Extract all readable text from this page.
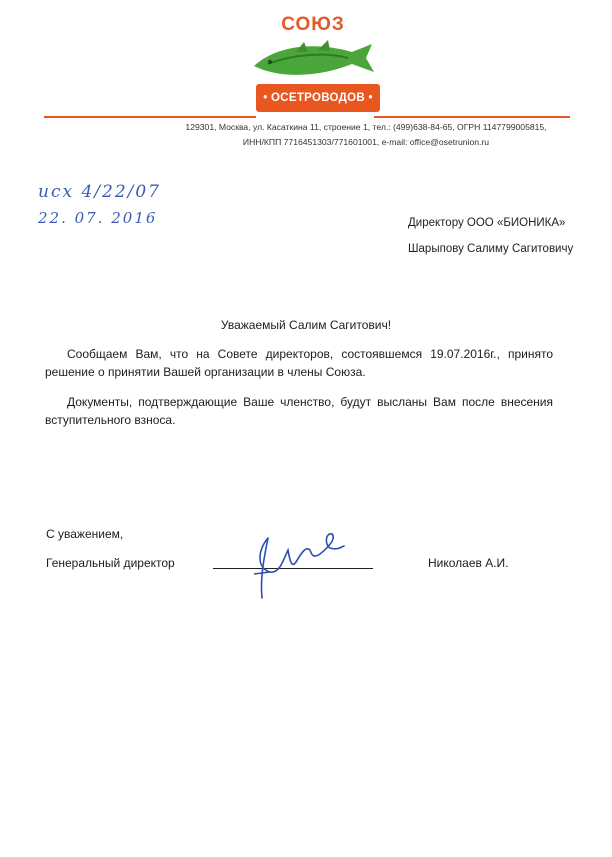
СОЮЗ
• ОСЕТРОВОДОВ •
129301, Москва, ул. Касаткина 11, строение 1, тел.: (499)638-84-65, ОГРН 1147799005815,
ИНН/КПП 7716451303/771601001, e-mail: office@osetrunion.ru
исх 4/22/07
22. 07. 2016	Директору ООО «БИОНИКА»
Шарыпову Салиму Сагитовичу
Уважаемый Салим Сагитович!
Сообщаем Вам, что на Совете директоров, состоявшемся 19.07.2016г., принято решение о принятии Вашей организации в члены Союза.
Документы, подтверждающие Ваше членство, будут высланы Вам после внесения вступительного взноса.
С уважением,
Генеральный директор	Николаев А.И.
